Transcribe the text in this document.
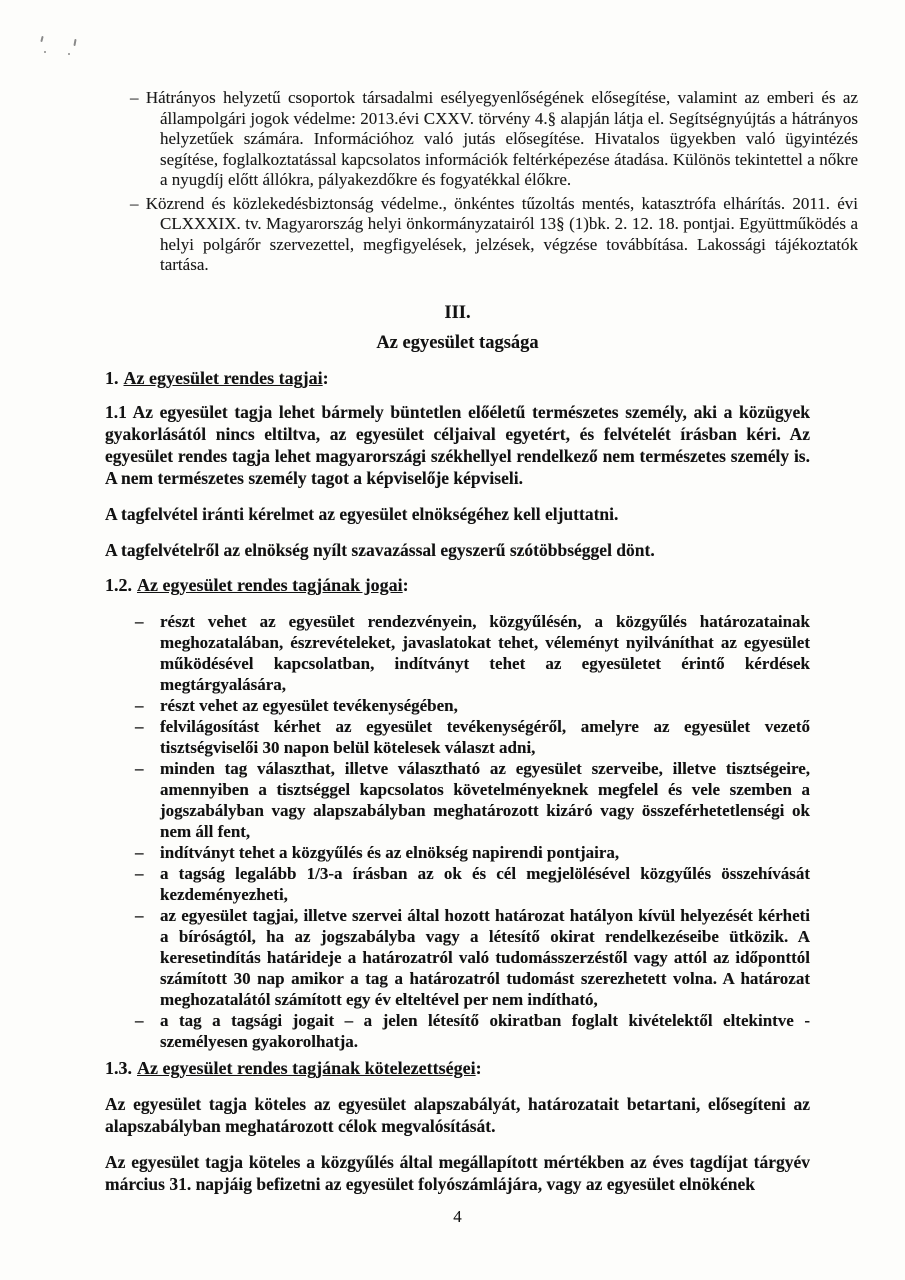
– Hátrányos helyzetű csoportok társadalmi esélyegyenlőségének elősegítése, valamint az emberi és az állampolgári jogok védelme: 2013.évi CXXV. törvény 4.§ alapján látja el. Segítségnyújtás a hátrányos helyzetűek számára. Információhoz való jutás elősegítése. Hivatalos ügyekben való ügyintézés segítése, foglalkoztatással kapcsolatos információk feltérképezése átadása. Különös tekintettel a nőkre a nyugdíj előtt állókra, pályakezdőkre és fogyatékkal élőkre.
– Közrend és közlekedésbiztonság védelme., önkéntes tűzoltás mentés, katasztrófa elhárítás. 2011. évi CLXXXIX. tv. Magyarország helyi önkormányzatairól 13§ (1)bk. 2. 12. 18. pontjai. Együttműködés a helyi polgárőr szervezettel, megfigyelések, jelzések, végzése továbbítása. Lakossági tájékoztatók tartása.
III.
Az egyesület tagsága
1. Az egyesület rendes tagjai:

1.1 Az egyesület tagja lehet bármely büntetlen előéletű természetes személy, aki a közügyek gyakorlásától nincs eltiltva, az egyesület céljaival egyetért, és felvételét írásban kéri. Az egyesület rendes tagja lehet magyarországi székhellyel rendelkező nem természetes személy is. A nem természetes személy tagot a képviselője képviseli.

A tagfelvétel iránti kérelmet az egyesület elnökségéhez kell eljuttatni.

A tagfelvételről az elnökség nyílt szavazással egyszerű szótöbbséggel dönt.

1.2. Az egyesület rendes tagjának jogai:
– részt vehet az egyesület rendezvényein, közgyűlésén, a közgyűlés határozatainak meghozatalában, észrevételeket, javaslatokat tehet, véleményt nyilváníthat az egyesület működésével kapcsolatban, indítványt tehet az egyesületet érintő kérdések megtárgyalására,
– részt vehet az egyesület tevékenységében,
– felvilágosítást kérhet az egyesület tevékenységéről, amelyre az egyesület vezető tisztségviselői 30 napon belül kötelesek választ adni,
– minden tag választhat, illetve választható az egyesület szerveibe, illetve tisztségeire, amennyiben a tisztséggel kapcsolatos követelményeknek megfelel és vele szemben a jogszabályban vagy alapszabályban meghatározott kizáró vagy összeférhetetlenségi ok nem áll fent,
– indítványt tehet a közgyűlés és az elnökség napirendi pontjaira,
– a tagság legalább 1/3-a írásban az ok és cél megjelölésével közgyűlés összehívását kezdeményezheti,
– az egyesület tagjai, illetve szervei által hozott határozat hatályon kívül helyezését kérheti a bíróságtól, ha az jogszabályba vagy a létesítő okirat rendelkezéseibe ütközik. A keresetindítás határideje a határozatról való tudomásszerzéstől vagy attól az időponttól számított 30 nap amikor a tag a határozatról tudomást szerezhetett volna. A határozat meghozatalától számított egy év elteltével per nem indítható,
– a tag a tagsági jogait – a jelen létesítő okiratban foglalt kivételektől eltekintve - személyesen gyakorolhatja.
1.3. Az egyesület rendes tagjának kötelezettségei:

Az egyesület tagja köteles az egyesület alapszabályát, határozatait betartani, elősegíteni az alapszabályban meghatározott célok megvalósítását.

Az egyesület tagja köteles a közgyűlés által megállapított mértékben az éves tagdíjat tárgyév március 31. napjáig befizetni az egyesület folyószámlájára, vagy az egyesület elnökének

4
